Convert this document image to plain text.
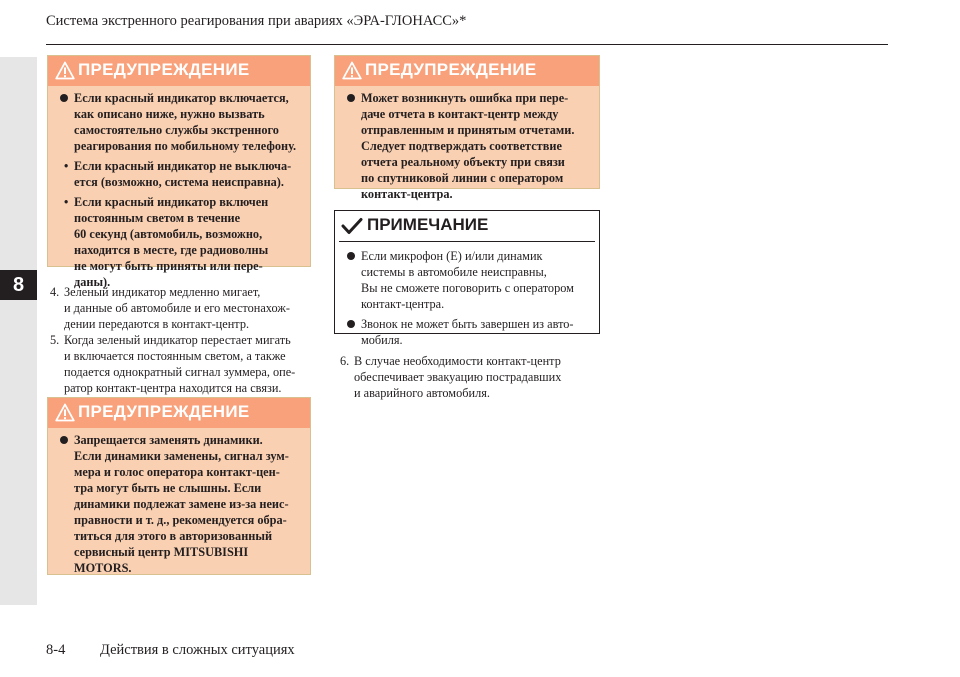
8
Система экстренного реагирования при авариях «ЭРА-ГЛОНАСС»*
ПРЕДУПРЕЖДЕНИЕ
Если красный индикатор включается, как описано ниже, нужно вызвать самостоятельно службы экстренного реагирования по мобильному телефону.
• Если красный индикатор не выключа-
ется (возможно, система неисправна).
• Если красный индикатор включен
постоянным светом в течение
60 секунд (автомобиль, возможно,
находится в месте, где радиоволны
не могут быть приняты или пере-
даны).
4. Зеленый индикатор медленно мигает,
и данные об автомобиле и его местонахож-
дении передаются в контакт-центр.
5. Когда зеленый индикатор перестает мигать
и включается постоянным светом, а также
подается однократный сигнал зуммера, опе-
ратор контакт-центра находится на связи.
ПРЕДУПРЕЖДЕНИЕ
Запрещается заменять динамики.
Если динамики заменены, сигнал зум-
мера и голос оператора контакт-цен-
тра могут быть не слышны. Если
динамики подлежат замене из-за неис-
правности и т. д., рекомендуется обра-
титься для этого в авторизованный
сервисный центр MITSUBISHI
MOTORS.
ПРЕДУПРЕЖДЕНИЕ
Может возникнуть ошибка при пере-
даче отчета в контакт-центр между
отправленным и принятым отчетами.
Следует подтверждать соответствие
отчета реальному объекту при связи
по спутниковой линии с оператором
контакт-центра.
ПРИМЕЧАНИЕ
Если микрофон (E) и/или динамик
системы в автомобиле неисправны,
Вы не сможете поговорить с оператором
контакт-центра.
Звонок не может быть завершен из авто-
мобиля.
6. В случае необходимости контакт-центр
обеспечивает эвакуацию пострадавших
и аварийного автомобиля.
8-4 Действия в сложных ситуациях
